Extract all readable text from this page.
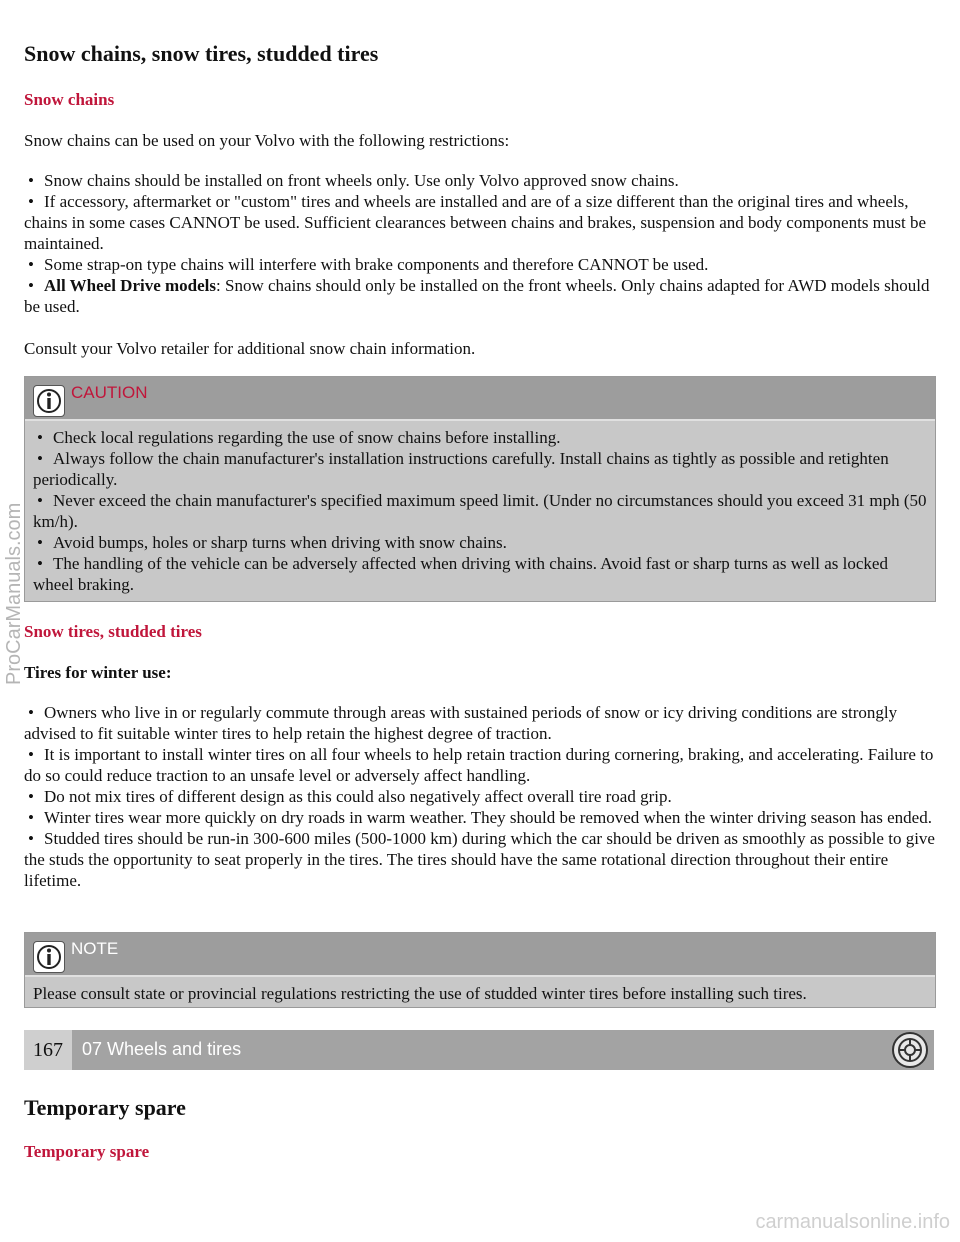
Snow chains, snow tires, studded tires
Snow chains

Snow chains can be used on your Volvo with the following restrictions:

• Snow chains should be installed on front wheels only. Use only Volvo approved snow chains.
• If accessory, aftermarket or "custom" tires and wheels are installed and are of a size different than the original tires and wheels, chains in some cases CANNOT be used. Sufficient clearances between chains and brakes, suspension and body components must be maintained.
• Some strap-on type chains will interfere with brake components and therefore CANNOT be used.
• All Wheel Drive models: Snow chains should only be installed on the front wheels. Only chains adapted for AWD models should be used.

Consult your Volvo retailer for additional snow chain information.

CAUTION
• Check local regulations regarding the use of snow chains before installing.
• Always follow the chain manufacturer's installation instructions carefully. Install chains as tightly as possible and retighten periodically.
• Never exceed the chain manufacturer's specified maximum speed limit. (Under no circumstances should you exceed 31 mph (50 km/h).
• Avoid bumps, holes or sharp turns when driving with snow chains.
• The handling of the vehicle can be adversely affected when driving with chains. Avoid fast or sharp turns as well as locked wheel braking.
Snow tires, studded tires

Tires for winter use:

• Owners who live in or regularly commute through areas with sustained periods of snow or icy driving conditions are strongly advised to fit suitable winter tires to help retain the highest degree of traction.
• It is important to install winter tires on all four wheels to help retain traction during cornering, braking, and accelerating. Failure to do so could reduce traction to an unsafe level or adversely affect handling.
• Do not mix tires of different design as this could also negatively affect overall tire road grip.
• Winter tires wear more quickly on dry roads in warm weather. They should be removed when the winter driving season has ended.
• Studded tires should be run-in 300-600 miles (500-1000 km) during which the car should be driven as smoothly as possible to give the studs the opportunity to seat properly in the tires. The tires should have the same rotational direction throughout their entire lifetime.
NOTE
Please consult state or provincial regulations restricting the use of studded winter tires before installing such tires.
167	07 Wheels and tires
Temporary spare
Temporary spare
ProCarManuals.com
carmanualsonline.info
